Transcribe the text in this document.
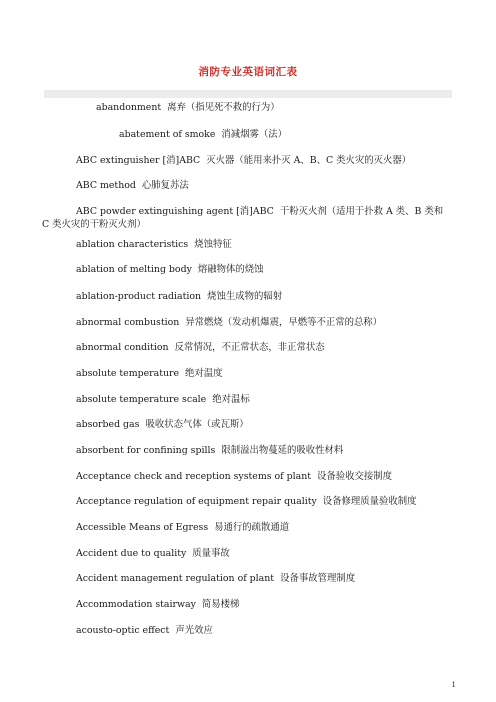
消防专业英语词汇表
abandonment 离弃（指见死不救的行为）
abatement of smoke 消减烟雾（法）
ABC extinguisher [消]ABC 灭火器（能用来扑灭 A、B、C 类火灾的灭火器）
ABC method 心肺复苏法
ABC powder extinguishing agent [消]ABC 干粉灭火剂（适用于扑救 A 类、B 类和 C 类火灾的干粉灭火剂）
ablation characteristics 烧蚀特征
ablation of melting body 熔融物体的烧蚀
ablation-product radiation 烧蚀生成物的辐射
abnormal combustion 异常燃烧（发动机爆震，早燃等不正常的总称）
abnormal condition 反常情况，不正常状态，非正常状态
absolute temperature 绝对温度
absolute temperature scale 绝对温标
absorbed gas 吸收状态气体（或瓦斯）
absorbent for confining spills 限制溢出物蔓延的吸收性材料
Acceptance check and reception systems of plant 设备验收交接制度
Acceptance regulation of equipment repair quality 设备修理质量验收制度
Accessible Means of Egress 易通行的疏散通道
Accident due to quality 质量事故
Accident management regulation of plant 设备事故管理制度
Accommodation stairway 简易楼梯
acousto-optic effect 声光效应
1
